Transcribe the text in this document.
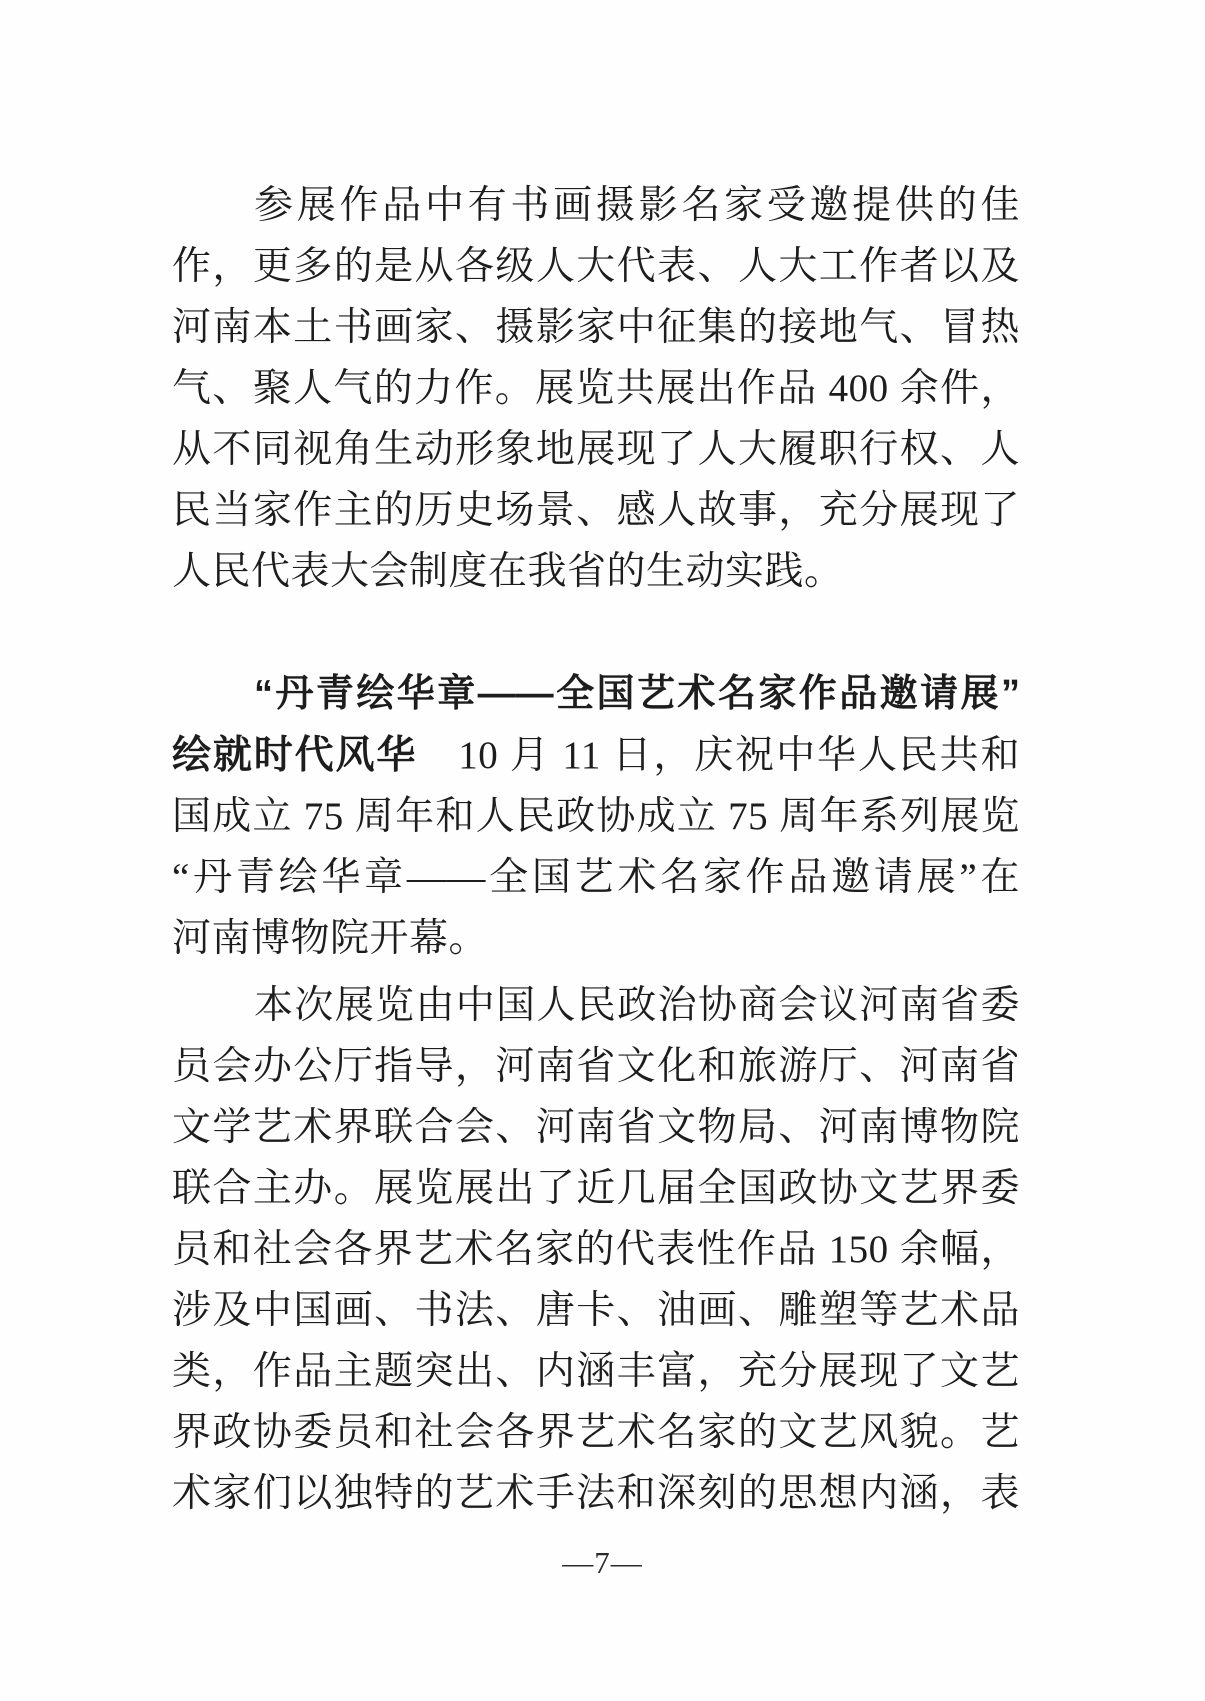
参展作品中有书画摄影名家受邀提供的佳
作，更多的是从各级人大代表、人大工作者以及
河南本土书画家、摄影家中征集的接地气、冒热
气、聚人气的力作。展览共展出作品 400 余件，
从不同视角生动形象地展现了人大履职行权、人
民当家作主的历史场景、感人故事，充分展现了
人民代表大会制度在我省的生动实践。
“丹青绘华章——全国艺术名家作品邀请展”
绘就时代风华　10 月 11 日，庆祝中华人民共和
国成立 75 周年和人民政协成立 75 周年系列展览
“丹青绘华章——全国艺术名家作品邀请展”在
河南博物院开幕。
本次展览由中国人民政治协商会议河南省委
员会办公厅指导，河南省文化和旅游厅、河南省
文学艺术界联合会、河南省文物局、河南博物院
联合主办。展览展出了近几届全国政协文艺界委
员和社会各界艺术名家的代表性作品 150 余幅，
涉及中国画、书法、唐卡、油画、雕塑等艺术品
类，作品主题突出、内涵丰富，充分展现了文艺
界政协委员和社会各界艺术名家的文艺风貌。艺
术家们以独特的艺术手法和深刻的思想内涵，表
—7—
